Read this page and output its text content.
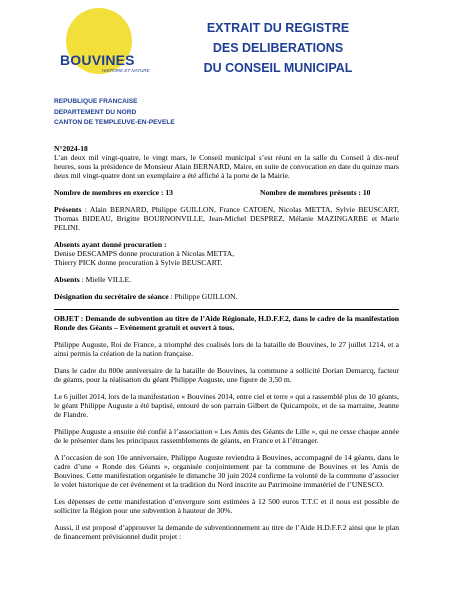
BOUVINES
HISTOIRE ET NATURE
EXTRAIT DU REGISTRE
DES DELIBERATIONS
DU CONSEIL MUNICIPAL
REPUBLIQUE FRANCAISE
DEPARTEMENT DU NORD
CANTON DE TEMPLEUVE-EN-PEVELE

N°2024-18

L’an deux mil vingt-quatre, le vingt mars, le Conseil municipal s’est réuni en la salle du Conseil à dix-neuf heures, sous la présidence de Monsieur Alain BERNARD, Maire, en suite de convocation en date du quinze mars deux mil vingt-quatre dont un exemplaire a été affiché à la porte de la Mairie.

Nombre de membres en exercice : 13	Nombre de membres présents : 10

Présents : Alain BERNARD, Philippe GUILLON, France CATOEN, Nicolas METTA, Sylvie BEUSCART, Thomas BIDEAU, Brigitte BOURNONVILLE, Jean-Michel DESPREZ, Mélanie MAZINGARBE et Marie PELINI.

Absents ayant donné procuration :

Denise DESCAMPS donne procuration à Nicolas METTA,

Thierry PICK donne procuration à Sylvie BEUSCART.

Absents : Mielle VILLE.

Désignation du secrétaire de séance : Philippe GUILLON.

OBJET : Demande de subvention au titre de l’Aide Régionale, H.D.F.F.2, dans le cadre de la manifestation Ronde des Géants – Evénement gratuit et ouvert à tous.

Philippe Auguste, Roi de France, a triomphé des coalisés lors de la bataille de Bouvines, le 27 juillet 1214, et a ainsi permis la création de la nation française.

Dans le cadre du 800e anniversaire de la bataille de Bouvines, la commune a sollicité Dorian Demarcq, facteur de géants, pour la réalisation du géant Philippe Auguste, une figure de 3,50 m.

Le 6 juillet 2014, lors de la manifestation « Bouvines 2014, entre ciel et terre » qui a rassemblé plus de 10 géants, le géant Philippe Auguste a été baptisé, entouré de son parrain Gilbert de Quicampoix, et de sa marraine, Jeanne de Flandre.

Philippe Auguste a ensuite été confié à l’association « Les Amis des Géants de Lille », qui ne cesse chaque année de le présenter dans les principaux rassemblements de géants, en France et à l’étranger.

A l’occasion de son 10e anniversaire, Philippe Auguste reviendra à Bouvines, accompagné de 14 géants, dans le cadre d’une « Ronde des Géants », organisée conjointement par la commune de Bouvines et les Amis de Bouvines. Cette manifestation organisée le dimanche 30 juin 2024 confirme la volonté de la commune d’associer le volet historique de cet événement et la tradition du Nord inscrite au Patrimoine immatériel de l’UNESCO.

Les dépenses de cette manifestation d’envergure sont estimées à 12 500 euros T.T.C et il nous est possible de solliciter la Région pour une subvention à hauteur de 30%.

Aussi, il est proposé d’approuver la demande de subventionnement au titre de l’Aide H.D.F.F.2 ainsi que le plan de financement prévisionnel dudit projet :
